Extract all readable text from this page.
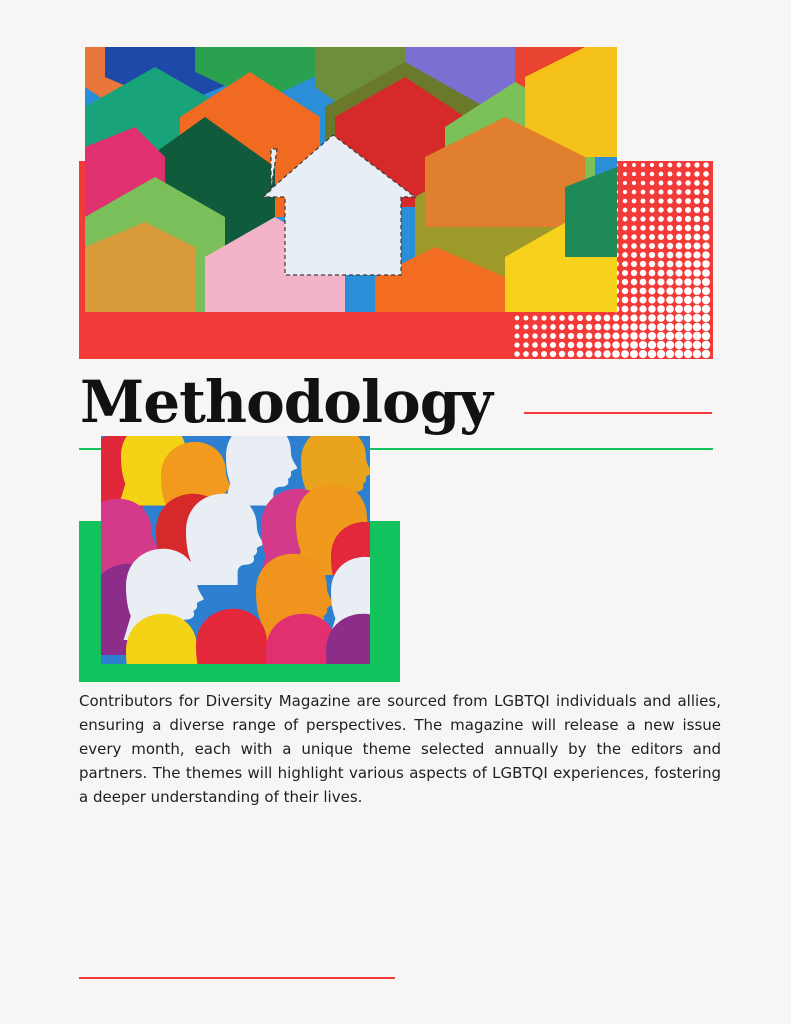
Methodology

Contributors for Diversity Magazine are sourced from LGBTQI individuals and allies, ensuring a diverse range of perspectives. The magazine will release a new issue every month, each with a unique theme selected annually by the editors and partners. The themes will highlight various aspects of LGBTQI experiences, fostering a deeper understanding of their lives.
